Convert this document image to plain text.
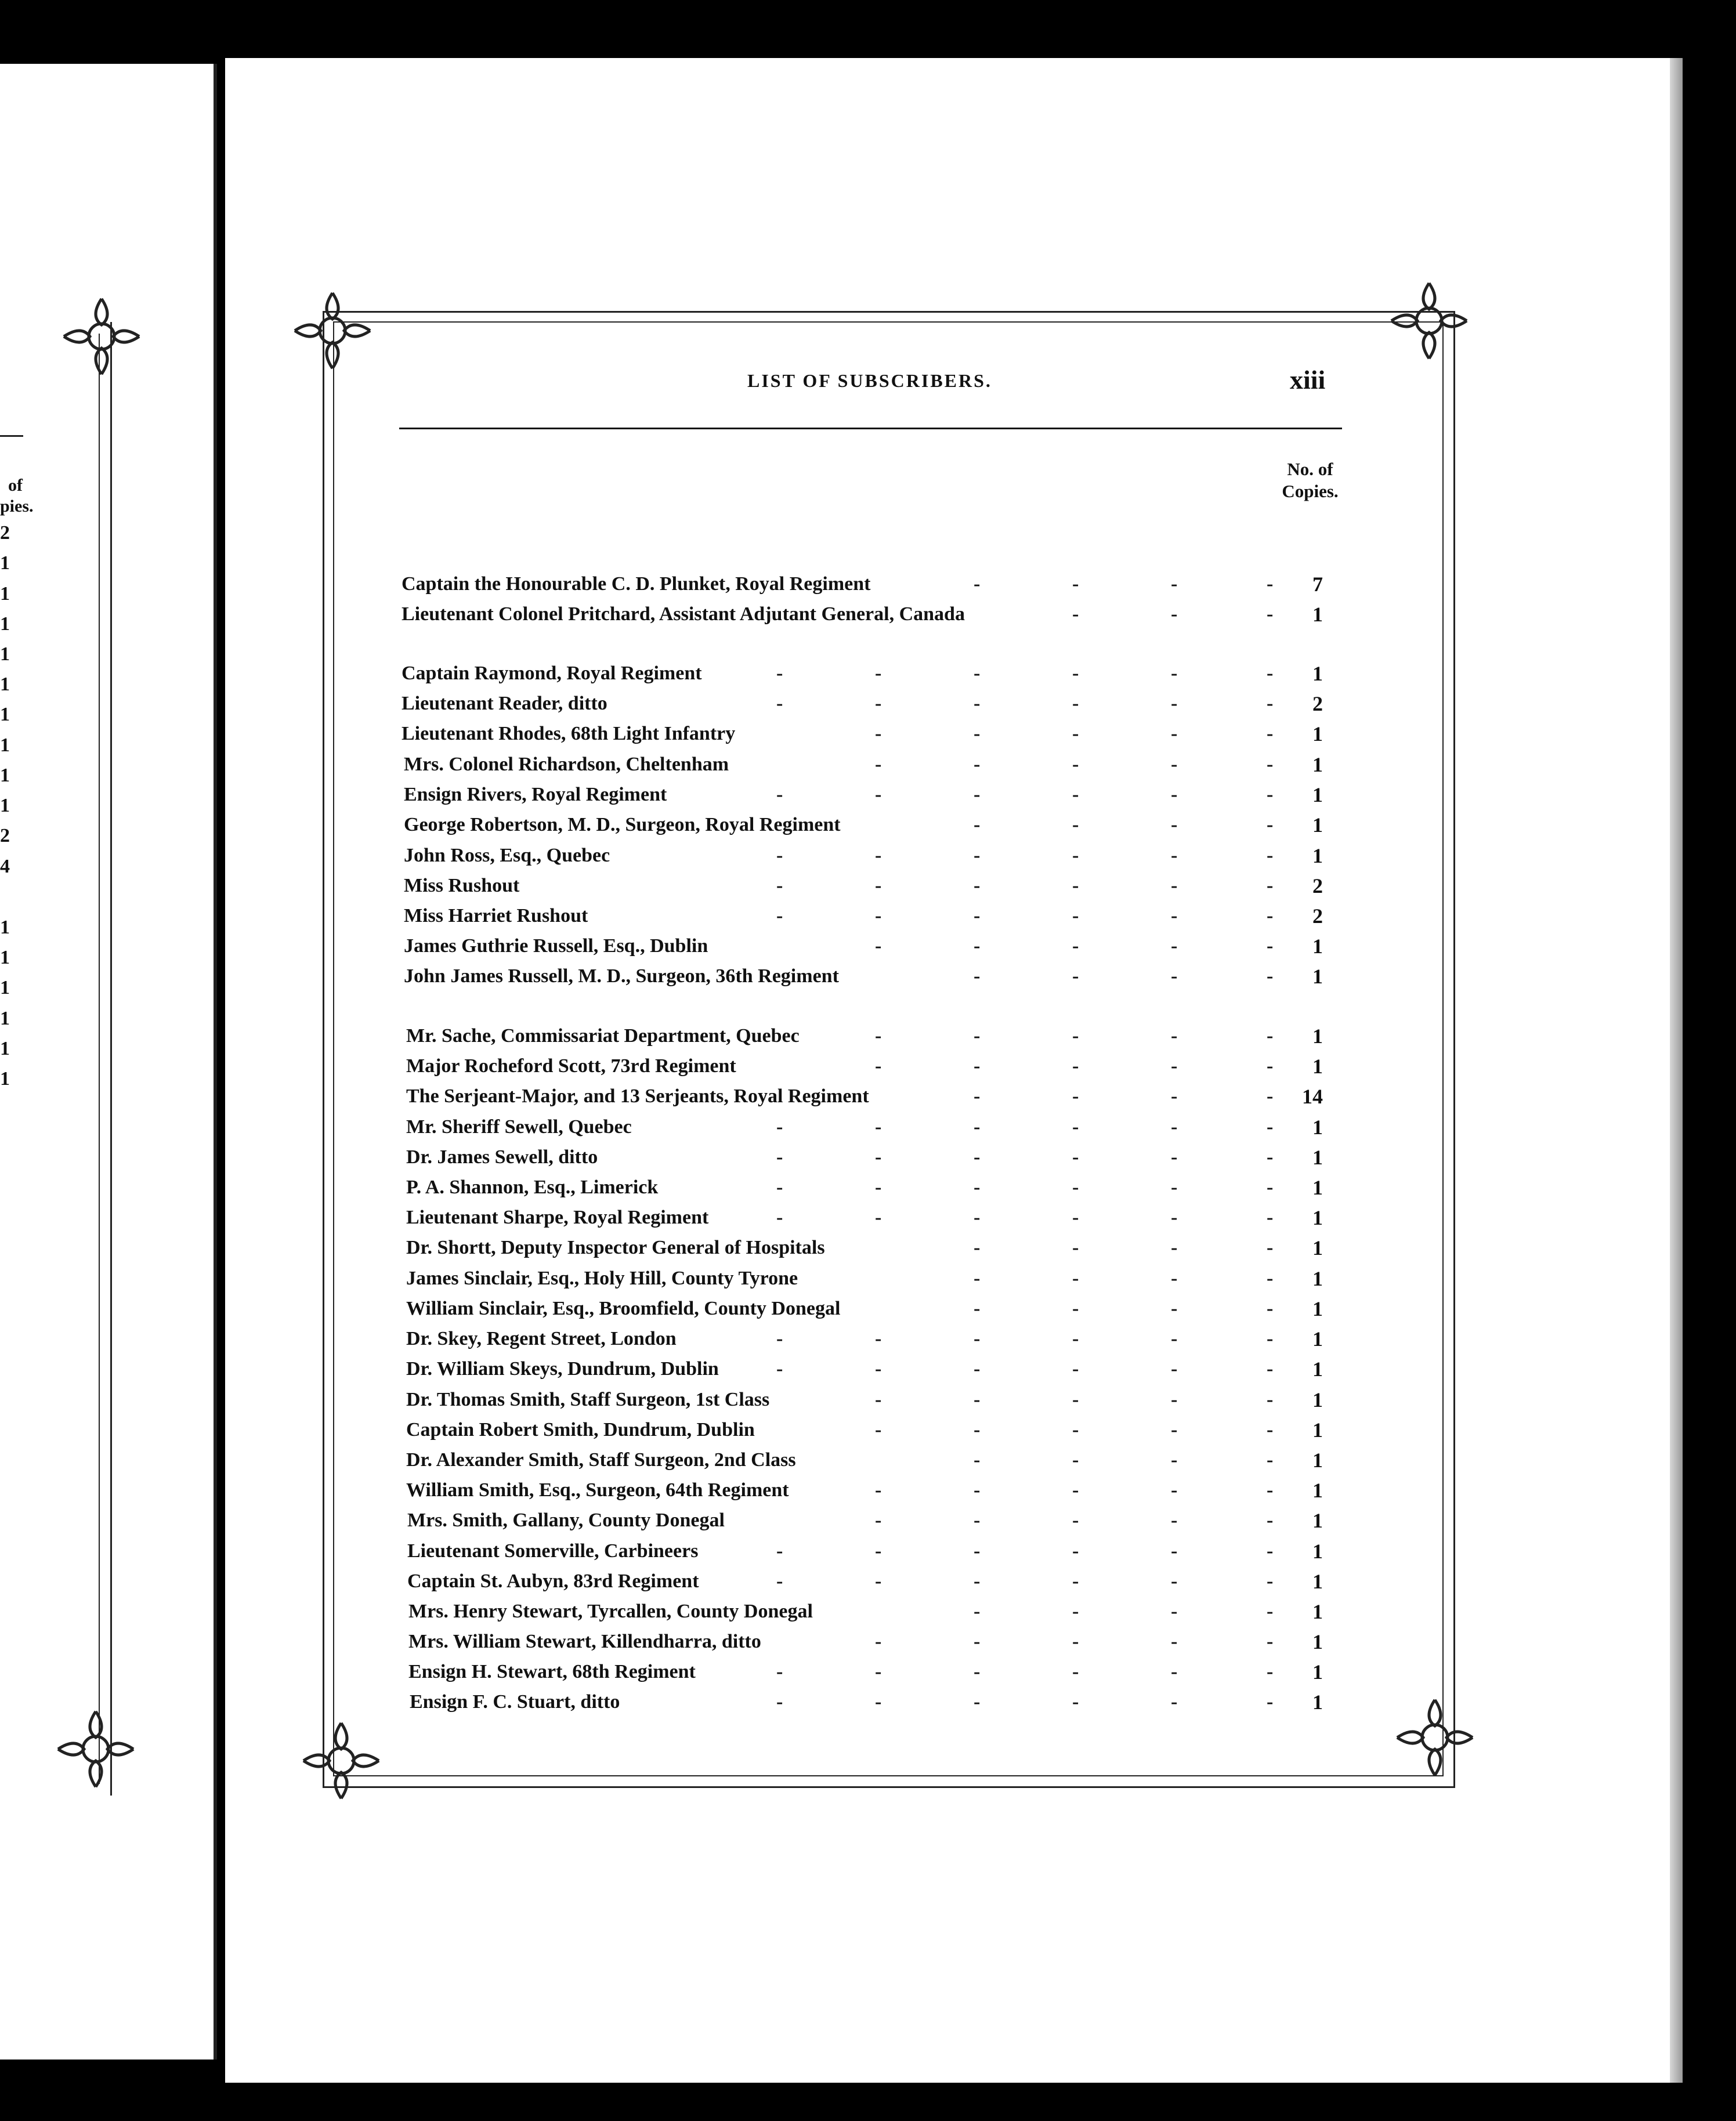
of
pies.
2
1
1
1
1
1
1
1
1
1
2
4
1
1
1
1
1
1
LIST OF SUBSCRIBERS.	xiii
No. of
Copies.
Captain the Honourable C. D. Plunket, Royal Regiment	-	-	-	-	7
Lieutenant Colonel Pritchard, Assistant Adjutant General, Canada	-	-	-	1
Captain Raymond, Royal Regiment	-	-	-	-	-	-	1
Lieutenant Reader, ditto	-	-	-	-	-	-	2
Lieutenant Rhodes, 68th Light Infantry	-	-	-	-	-	1
Mrs. Colonel Richardson, Cheltenham	-	-	-	-	-	1
Ensign Rivers, Royal Regiment	-	-	-	-	-	-	1
George Robertson, M. D., Surgeon, Royal Regiment	-	-	-	-	1
John Ross, Esq., Quebec	-	-	-	-	-	-	1
Miss Rushout	-	-	-	-	-	-	2
Miss Harriet Rushout	-	-	-	-	-	-	2
James Guthrie Russell, Esq., Dublin	-	-	-	-	-	1
John James Russell, M. D., Surgeon, 36th Regiment	-	-	-	-	1
Mr. Sache, Commissariat Department, Quebec	-	-	-	-	-	1
Major Rocheford Scott, 73rd Regiment	-	-	-	-	-	1
The Serjeant-Major, and 13 Serjeants, Royal Regiment	-	-	-	-	14
Mr. Sheriff Sewell, Quebec	-	-	-	-	-	-	1
Dr. James Sewell, ditto	-	-	-	-	-	-	1
P. A. Shannon, Esq., Limerick	-	-	-	-	-	-	1
Lieutenant Sharpe, Royal Regiment	-	-	-	-	-	-	1
Dr. Shortt, Deputy Inspector General of Hospitals	-	-	-	-	1
James Sinclair, Esq., Holy Hill, County Tyrone	-	-	-	-	1
William Sinclair, Esq., Broomfield, County Donegal	-	-	-	-	1
Dr. Skey, Regent Street, London	-	-	-	-	-	-	1
Dr. William Skeys, Dundrum, Dublin	-	-	-	-	-	-	1
Dr. Thomas Smith, Staff Surgeon, 1st Class	-	-	-	-	-	1
Captain Robert Smith, Dundrum, Dublin	-	-	-	-	-	1
Dr. Alexander Smith, Staff Surgeon, 2nd Class	-	-	-	-	1
William Smith, Esq., Surgeon, 64th Regiment	-	-	-	-	-	1
Mrs. Smith, Gallany, County Donegal	-	-	-	-	-	1
Lieutenant Somerville, Carbineers	-	-	-	-	-	-	1
Captain St. Aubyn, 83rd Regiment	-	-	-	-	-	-	1
Mrs. Henry Stewart, Tyrcallen, County Donegal	-	-	-	-	1
Mrs. William Stewart, Killendharra, ditto	-	-	-	-	-	1
Ensign H. Stewart, 68th Regiment	-	-	-	-	-	-	1
Ensign F. C. Stuart, ditto	-	-	-	-	-	-	1
